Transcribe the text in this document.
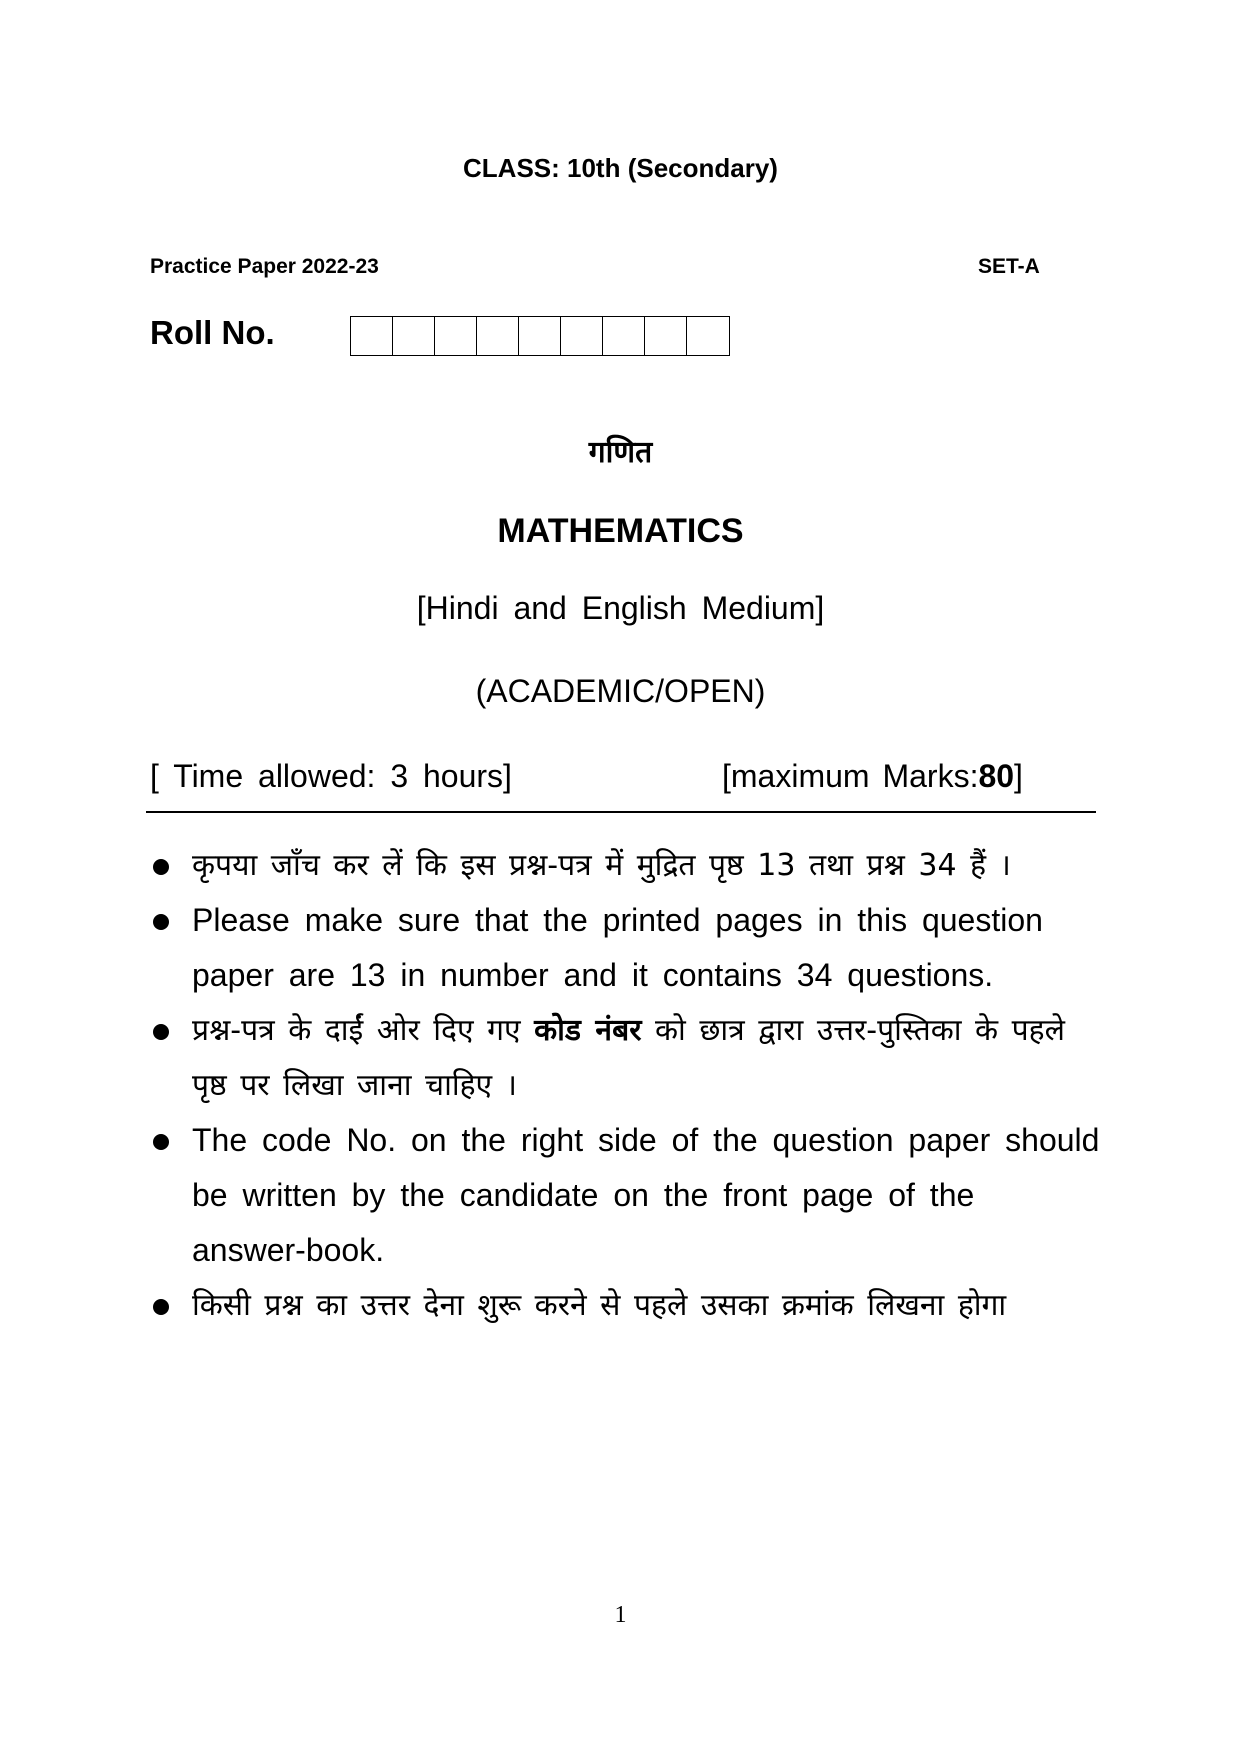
CLASS: 10th (Secondary)
Practice Paper 2022-23	SET-A
Roll No.
गणित
MATHEMATICS
[Hindi and English Medium]
(ACADEMIC/OPEN)
[ Time allowed: 3 hours]	[maximum Marks:80]
कृपया जाँच कर लें कि इस प्रश्न-पत्र में मुद्रित पृष्ठ 13 तथा प्रश्न 34 हैं ।
Please make sure that the printed pages in this question paper are 13 in number and it contains 34 questions.
प्रश्न-पत्र के दाईं ओर दिए गए कोड नंबर को छात्र द्वारा उत्तर-पुस्तिका के पहले पृष्ठ पर लिखा जाना चाहिए ।
The code No. on the right side of the question paper should be written by the candidate on the front page of the answer-book.
किसी प्रश्न का उत्तर देना शुरू करने से पहले उसका क्रमांक लिखना होगा
1
